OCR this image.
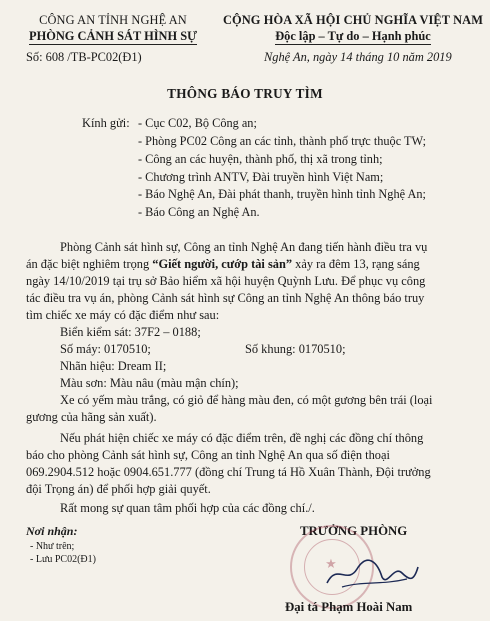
CÔNG AN TỈNH NGHỆ AN
PHÒNG CẢNH SÁT HÌNH SỰ
Số: 608 /TB-PC02(Đ1)
CỘNG HÒA XÃ HỘI CHỦ NGHĨA VIỆT NAM
Độc lập – Tự do – Hạnh phúc
Nghệ An, ngày 14 tháng 10 năm 2019
THÔNG BÁO TRUY TÌM
Kính gửi: - Cục C02, Bộ Công an;
- Phòng PC02 Công an các tỉnh, thành phố trực thuộc TW;
- Công an các huyện, thành phố, thị xã trong tỉnh;
- Chương trình ANTV, Đài truyền hình Việt Nam;
- Báo Nghệ An, Đài phát thanh, truyền hình tỉnh Nghệ An;
- Báo Công an Nghệ An.
Phòng Cảnh sát hình sự, Công an tỉnh Nghệ An đang tiến hành điều tra vụ
án đặc biệt nghiêm trọng “Giết người, cướp tài sản” xảy ra đêm 13, rạng sáng
ngày 14/10/2019 tại trụ sở Bảo hiểm xã hội huyện Quỳnh Lưu. Để phục vụ công
tác điều tra vụ án, phòng Cảnh sát hình sự Công an tỉnh Nghệ An thông báo truy
tìm chiếc xe máy có đặc điểm như sau:
Biển kiểm sát: 37F2 – 0188;
Số máy: 0170510;	Số khung: 0170510;
Nhãn hiệu: Dream II;
Màu sơn: Màu nâu (màu mận chín);
Xe có yếm màu trắng, có giỏ để hàng màu đen, có một gương bên trái (loại
gương của hãng sản xuất).
Nếu phát hiện chiếc xe máy có đặc điểm trên, đề nghị các đồng chí thông
báo cho phòng Cảnh sát hình sự, Công an tỉnh Nghệ An qua số điện thoại
069.2904.512 hoặc 0904.651.777 (đồng chí Trung tá Hồ Xuân Thành, Đội trưởng
đội Trọng án) để phối hợp giải quyết.
Rất mong sự quan tâm phối hợp của các đồng chí./.
Nơi nhận:
- Như trên;
- Lưu PC02(Đ1)
TRƯỞNG PHÒNG
★
Đại tá Phạm Hoài Nam
